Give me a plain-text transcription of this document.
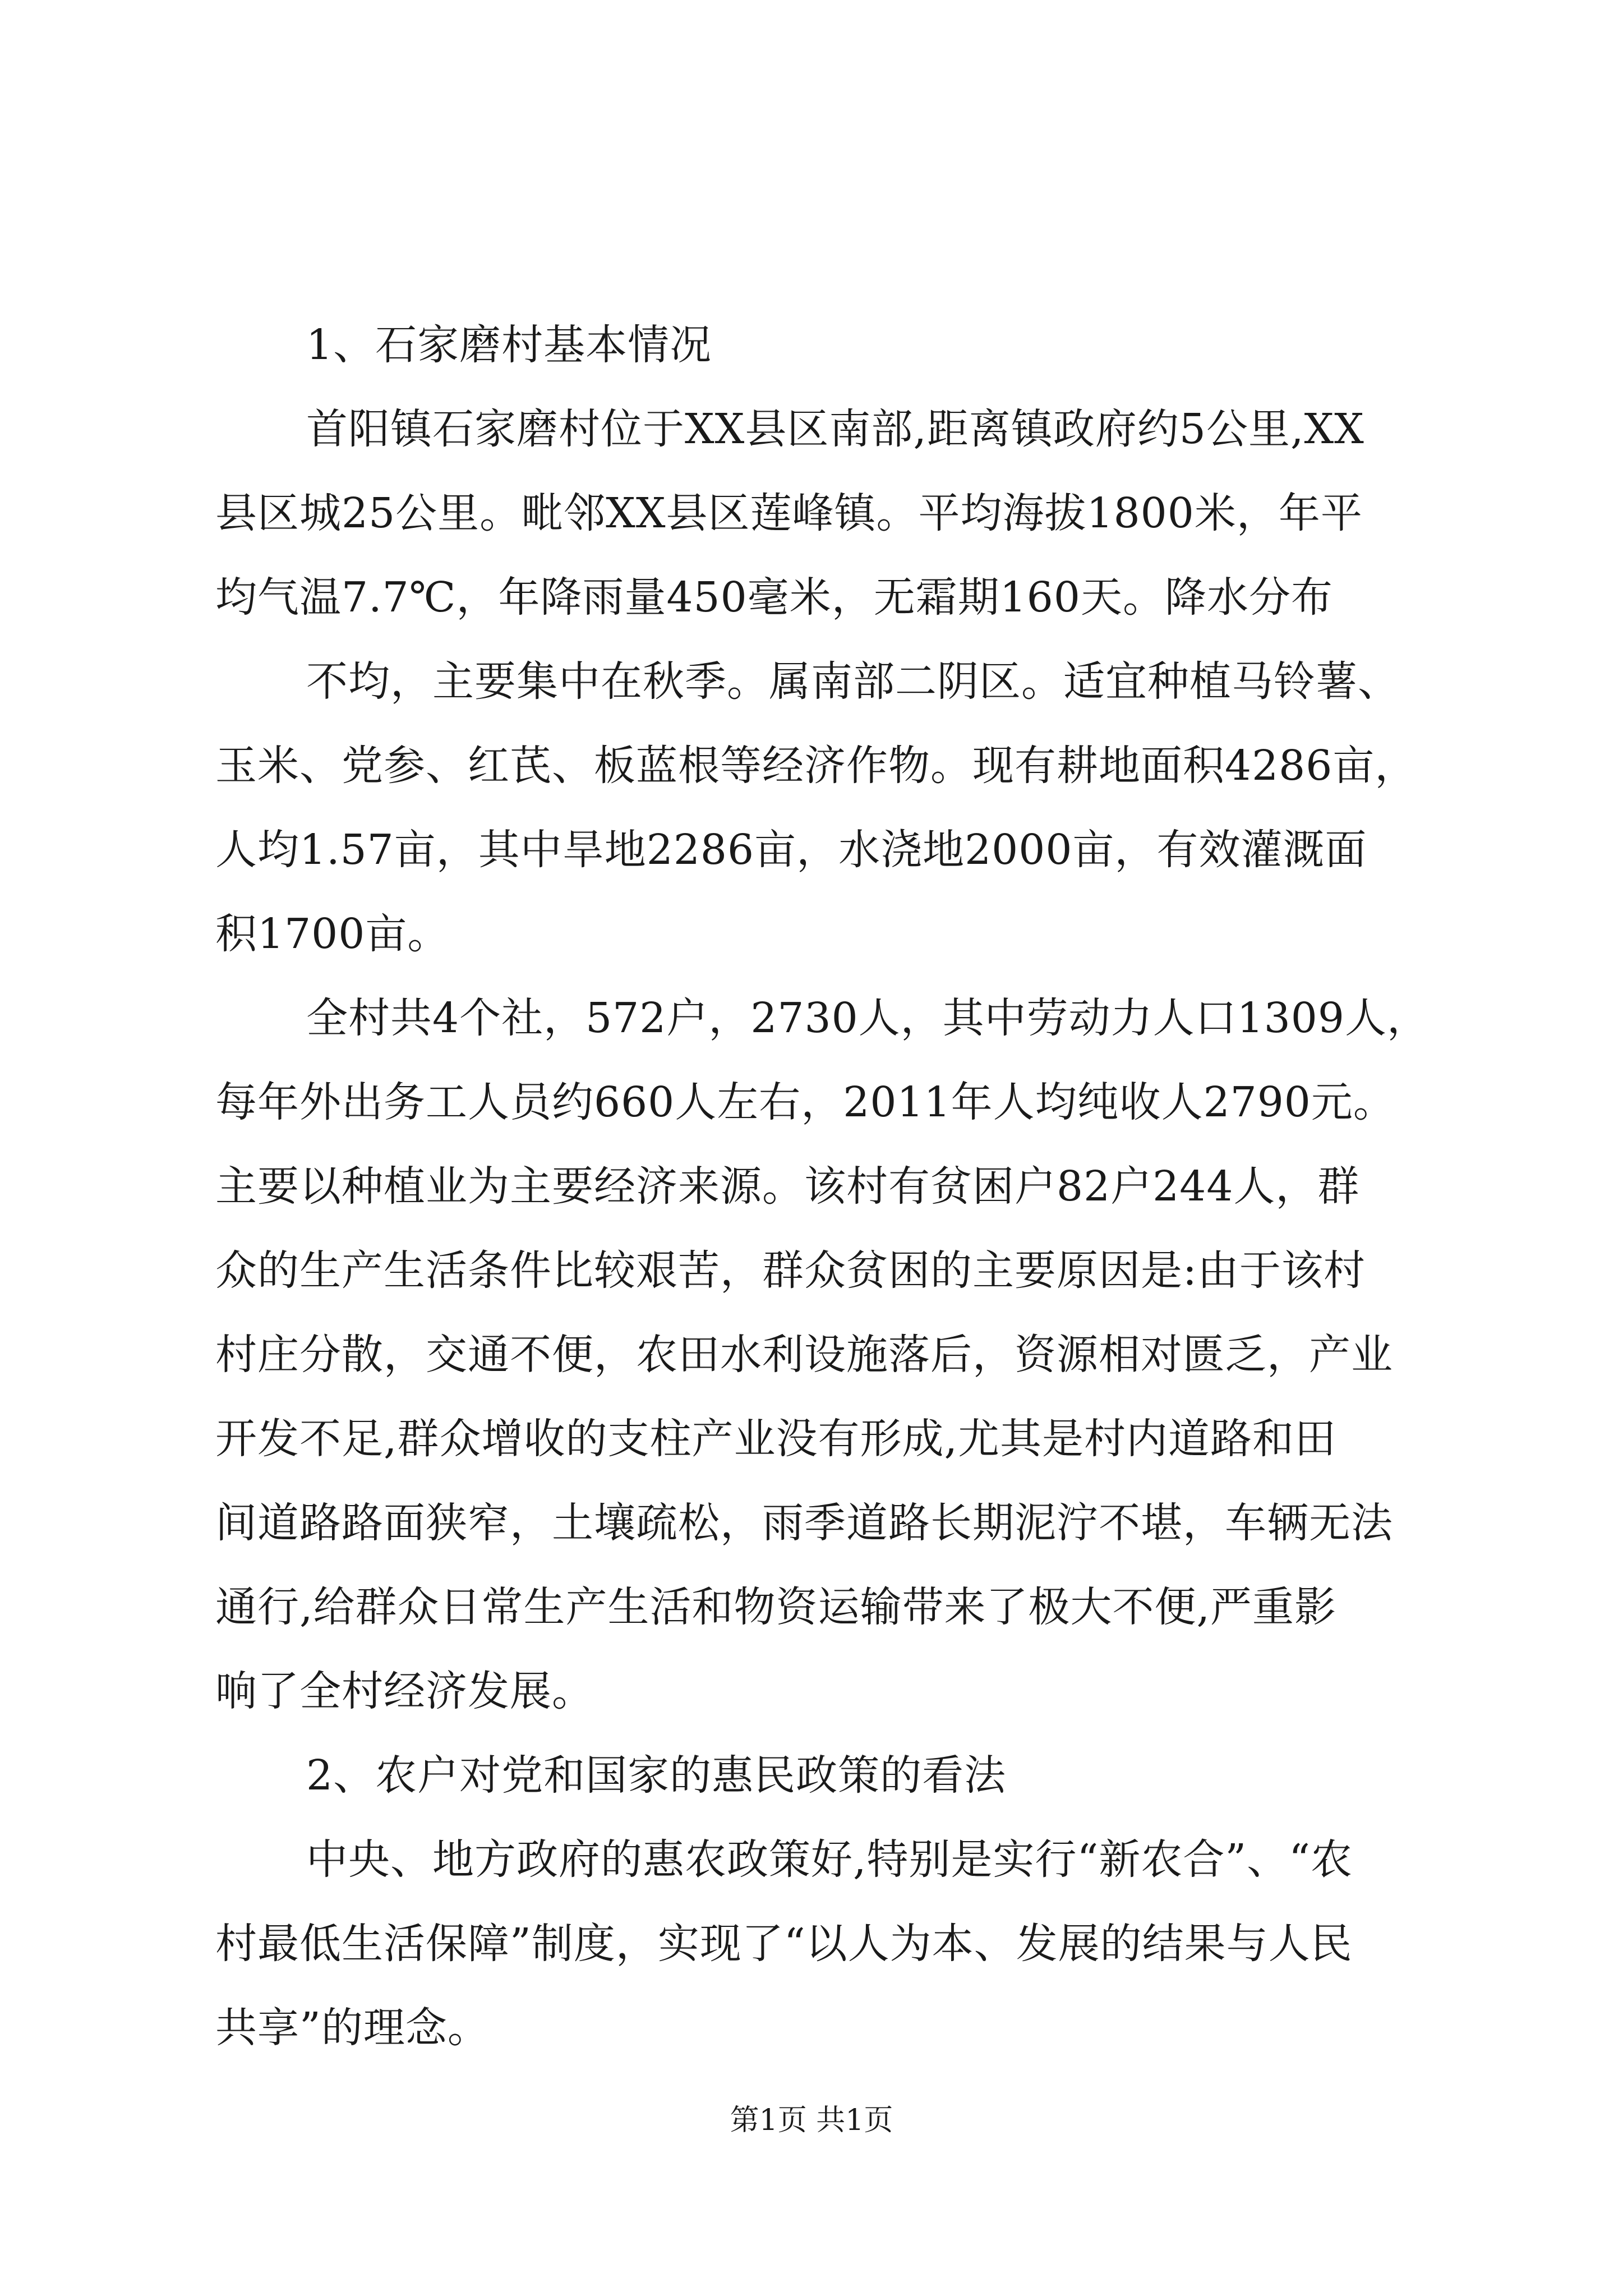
1、石家磨村基本情况
首阳镇石家磨村位于XX县区南部,距离镇政府约5公里,XX
县区城25公里。毗邻XX县区莲峰镇。平均海拔1800米，年平
均气温7.7℃，年降雨量450毫米，无霜期160天。降水分布
不均，主要集中在秋季。属南部二阴区。适宜种植马铃薯、
玉米、党参、红芪、板蓝根等经济作物。现有耕地面积4286亩，
人均1.57亩，其中旱地2286亩，水浇地2000亩，有效灌溉面
积1700亩。
全村共4个社，572户，2730人，其中劳动力人口1309人，
每年外出务工人员约660人左右，2011年人均纯收人2790元。
主要以种植业为主要经济来源。该村有贫困户82户244人，群
众的生产生活条件比较艰苦，群众贫困的主要原因是:由于该村
村庄分散，交通不便，农田水利设施落后，资源相对匮乏，产业
开发不足,群众增收的支柱产业没有形成,尤其是村内道路和田
间道路路面狭窄，土壤疏松，雨季道路长期泥泞不堪，车辆无法
通行,给群众日常生产生活和物资运输带来了极大不便,严重影
响了全村经济发展。
2、农户对党和国家的惠民政策的看法
中央、地方政府的惠农政策好,特别是实行“新农合”、“农
村最低生活保障”制度，实现了“以人为本、发展的结果与人民
共享”的理念。
第1页 共1页
